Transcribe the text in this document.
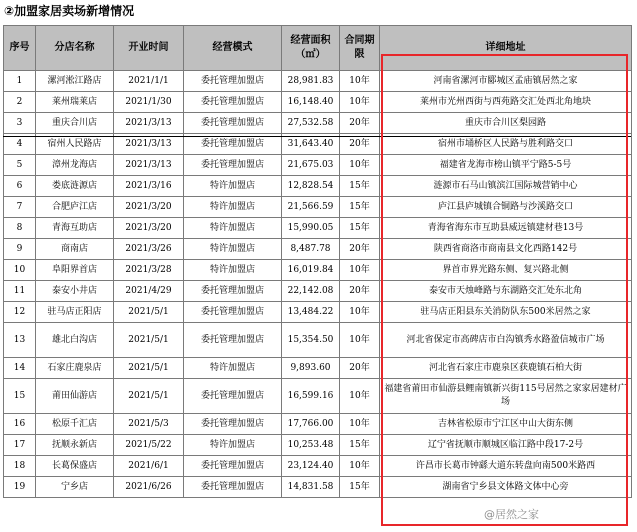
②加盟家居卖场新增情况
序号	分店名称	开业时间	经营模式	经营面积（㎡）	合同期限	详细地址
1	漯河淞江路店	2021/1/1	委托管理加盟店	28,981.83	10年	河南省漯河市郾城区孟庙镇居然之家
2	莱州瑞莱店	2021/1/30	委托管理加盟店	16,148.40	10年	莱州市光州西街与西苑路交汇处西北角地块
3	重庆合川店	2021/3/13	委托管理加盟店	27,532.58	20年	重庆市合川区梨园路
4	宿州人民路店	2021/3/13	委托管理加盟店	31,643.40	20年	宿州市埇桥区人民路与胜利路交口
5	漳州龙海店	2021/3/13	委托管理加盟店	21,675.03	10年	福建省龙海市榜山镇平宁路5-5号
6	娄底涟源店	2021/3/16	特许加盟店	12,828.54	15年	涟源市石马山镇滨江国际城营销中心
7	合肥庐江店	2021/3/20	特许加盟店	21,566.59	15年	庐江县庐城镇合铜路与沙溪路交口
8	青海互助店	2021/3/20	特许加盟店	15,990.05	15年	青海省海东市互助县威远镇建材巷13号
9	商南店	2021/3/26	特许加盟店	8,487.78	20年	陕西省商洛市商南县文化西路142号
10	阜阳界首店	2021/3/28	特许加盟店	16,019.84	10年	界首市界光路东侧、复兴路北侧
11	泰安小井店	2021/4/29	委托管理加盟店	22,142.08	20年	泰安市天烛峰路与东湖路交汇处东北角
12	驻马店正阳店	2021/5/1	委托管理加盟店	13,484.22	10年	驻马店正阳县东关消防队东500米居然之家
13	雄北白沟店	2021/5/1	委托管理加盟店	15,354.50	10年	河北省保定市高碑店市白沟镇秀水路盈信城市广场
14	石家庄鹿泉店	2021/5/1	特许加盟店	9,893.60	20年	河北省石家庄市鹿泉区获鹿镇石柏大街
15	莆田仙游店	2021/5/1	委托管理加盟店	16,599.16	10年	福建省莆田市仙游县鲤南镇新兴街115号居然之家家居建材广场
16	松原千汇店	2021/5/3	委托管理加盟店	17,766.00	10年	吉林省松原市宁江区中山大街东侧
17	抚顺永新店	2021/5/22	特许加盟店	10,253.48	15年	辽宁省抚顺市顺城区临江路中段17-2号
18	长葛保盛店	2021/6/1	委托管理加盟店	23,124.40	10年	许昌市长葛市钟繇大道东转盘向南500米路西
19	宁乡店	2021/6/26	委托管理加盟店	14,831.58	15年	湖南省宁乡县文体路文体中心旁
@居然之家
